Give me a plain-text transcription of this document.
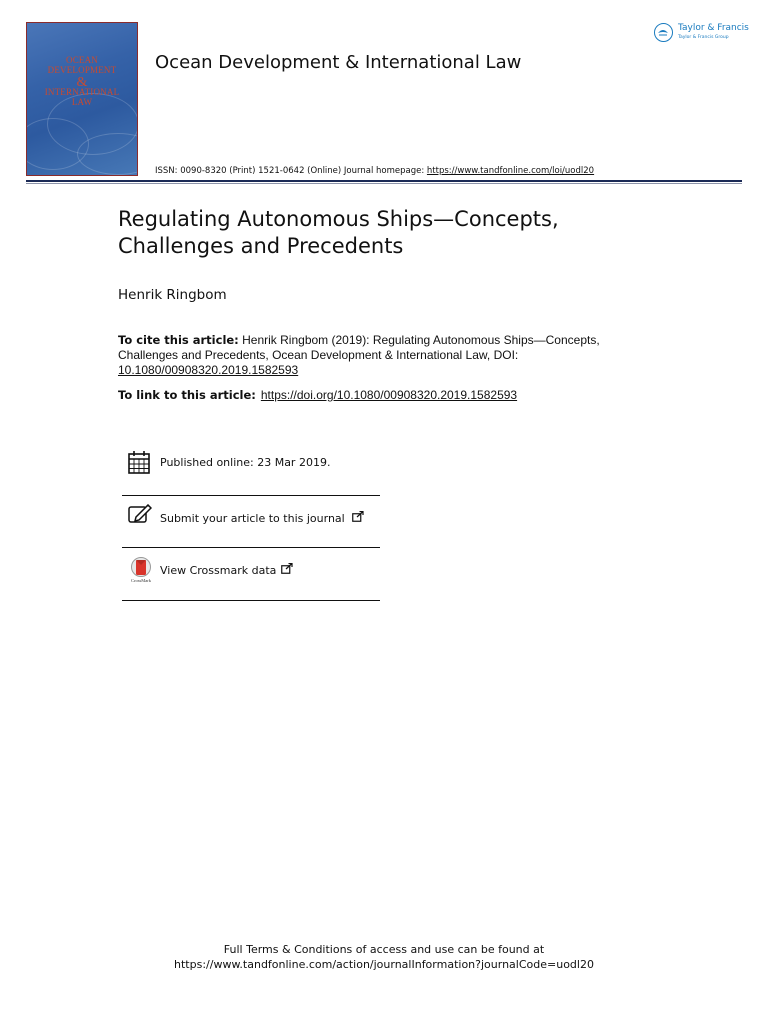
OCEAN
DEVELOPMENT
&
INTERNATIONAL
LAW
Ocean Development & International Law
ISSN: 0090-8320 (Print) 1521-0642 (Online) Journal homepage: https://www.tandfonline.com/loi/uodl20
Taylor & Francis
Taylor & Francis Group
Regulating Autonomous Ships—Concepts, Challenges and Precedents
Henrik Ringbom
To cite this article: Henrik Ringbom (2019): Regulating Autonomous Ships—Concepts, Challenges and Precedents, Ocean Development & International Law, DOI: 10.1080/00908320.2019.1582593
To link to this article: https://doi.org/10.1080/00908320.2019.1582593
Published online: 23 Mar 2019.
Submit your article to this journal
CrossMark
View Crossmark data
Full Terms & Conditions of access and use can be found at
https://www.tandfonline.com/action/journalInformation?journalCode=uodl20
